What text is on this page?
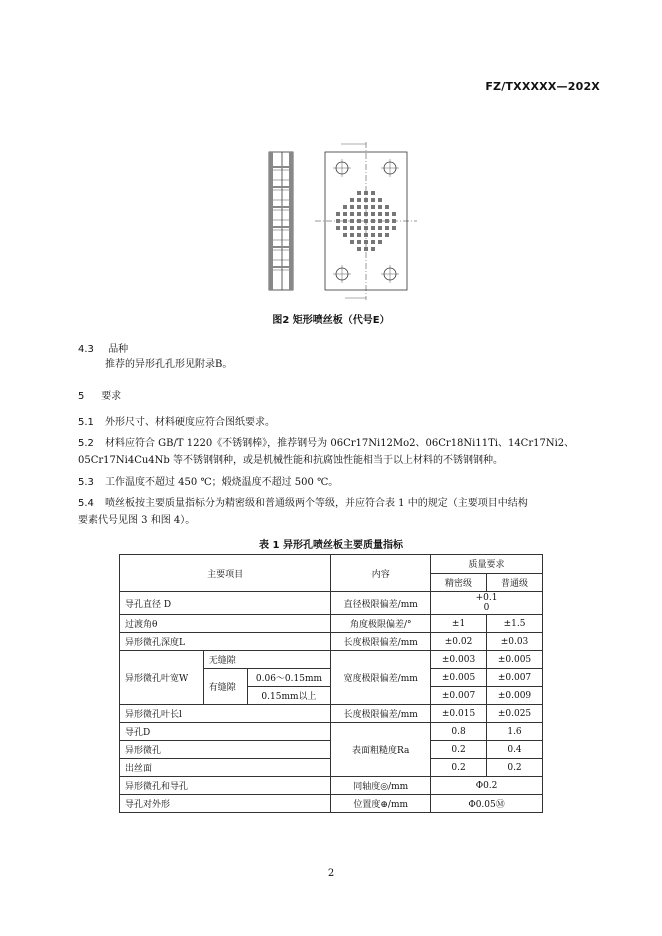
FZ/TXXXXX—202X
图2 矩形喷丝板（代号E）
4.3 品种
推荐的异形孔孔形见附录B。
5 要求
5.1 外形尺寸、材料硬度应符合图纸要求。
5.2 材料应符合 GB/T 1220《不锈钢棒》，推荐钢号为 06Cr17Ni12Mo2、06Cr18Ni11Ti、14Cr17Ni2、
05Cr17Ni4Cu4Nb 等不锈钢钢种，或是机械性能和抗腐蚀性能相当于以上材料的不锈钢钢种。
5.3 工作温度不超过 450 ℃；煅烧温度不超过 500 ℃。
5.4 喷丝板按主要质量指标分为精密级和普通级两个等级，并应符合表 1 中的规定（主要项目中结构
要素代号见图 3 和图 4）。
表 1 异形孔喷丝板主要质量指标
主要项目			内容	质量要求	
				精密级	普通级
导孔直径 D			直径极限偏差/mm	+0.1
0	

过渡角θ			角度极限偏差/°	±1	±1.5
异形微孔深度L			长度极限偏差/mm	±0.02	±0.03
异形微孔叶宽W	无缝隙		宽度极限偏差/mm	±0.003	±0.005
	有缝隙	0.06～0.15mm		±0.005	±0.007
		0.15mm以上		±0.007	±0.009
异形微孔叶长l			长度极限偏差/mm	±0.015	±0.025
导孔D			表面粗糙度Ra	0.8	1.6
异形微孔				0.2	0.4
出丝面				0.2	0.2
异形微孔和导孔			同轴度◎/mm	Φ0.2	
导孔对外形			位置度⊕/mm	Φ0.05Ⓜ	
2
